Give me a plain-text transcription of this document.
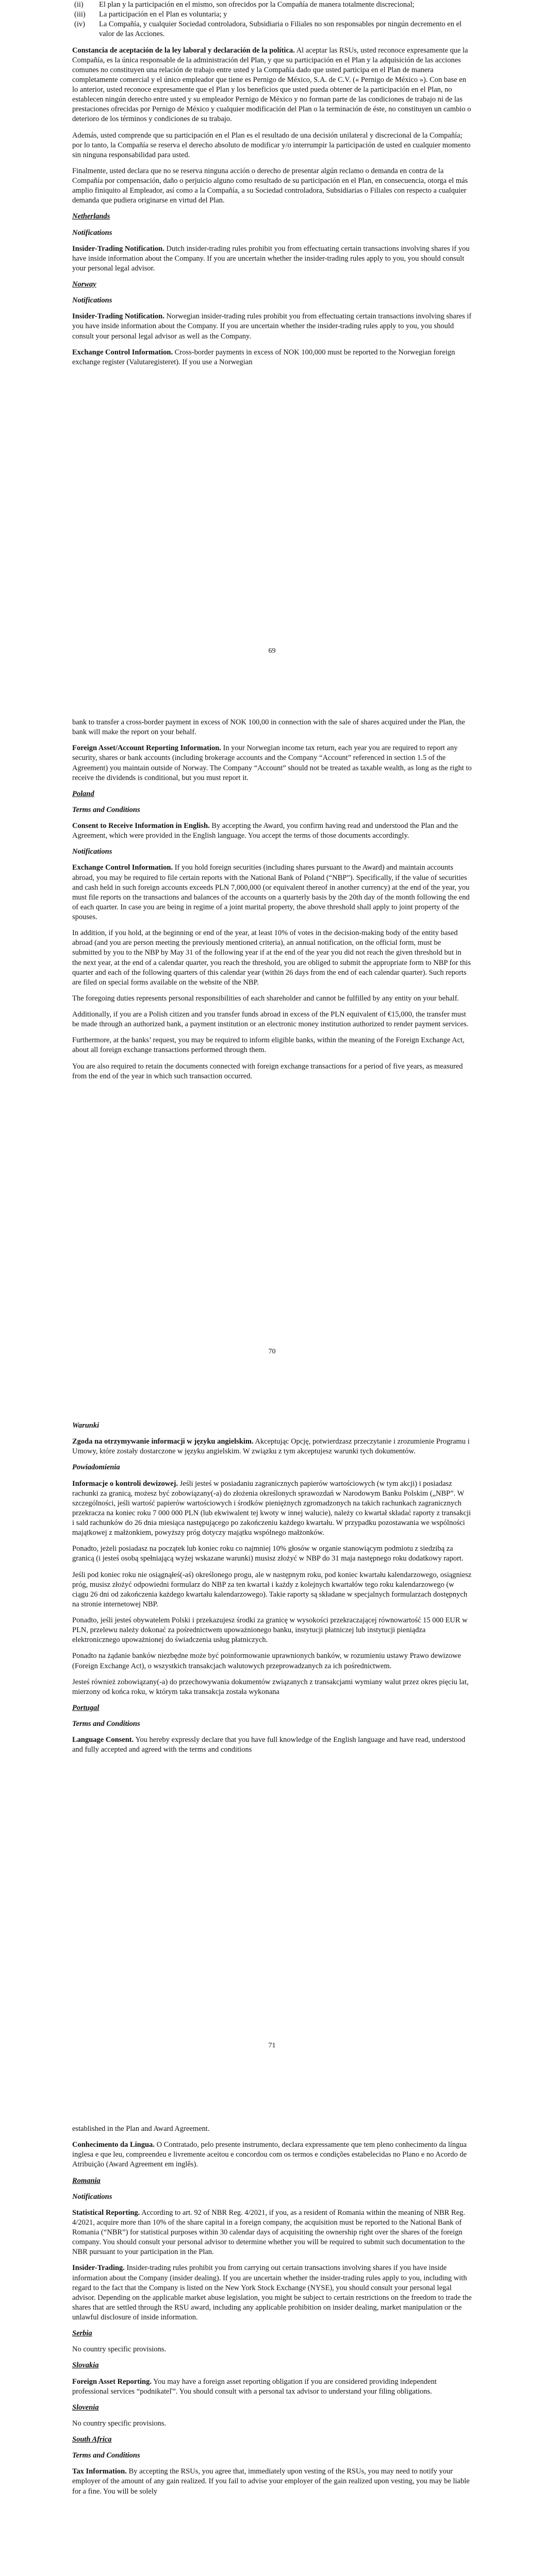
(ii)	El plan y la participación en el mismo, son ofrecidos por la Compañía de manera totalmente discrecional;
(iii)	La participación en el Plan es voluntaria; y
(iv)	La Compañía, y cualquier Sociedad controladora, Subsidiaria o Filiales no son responsables por ningún decremento en el valor de las Acciones.

Constancia de aceptación de la ley laboral y declaración de la política. Al aceptar las RSUs, usted reconoce expresamente que la Compañía, es la única responsable de la administración del Plan, y que su participación en el Plan y la adquisición de las acciones comunes no constituyen una relación de trabajo entre usted y la Compañía dado que usted participa en el Plan de manera completamente comercial y el único empleador que tiene es Pernigo de México, S.A. de C.V. (« Pernigo de México »). Con base en lo anterior, usted reconoce expresamente que el Plan y los beneficios que usted pueda obtener de la participación en el Plan, no establecen ningún derecho entre usted y su empleador Pernigo de México y no forman parte de las condiciones de trabajo ni de las prestaciones ofrecidas por Pernigo de México y cualquier modificación del Plan o la terminación de éste, no constituyen un cambio o deterioro de los términos y condiciones de su trabajo.

Además, usted comprende que su participación en el Plan es el resultado de una decisión unilateral y discrecional de la Compañía; por lo tanto, la Compañía se reserva el derecho absoluto de modificar y/o interrumpir la participación de usted en cualquier momento sin ninguna responsabilidad para usted.

Finalmente, usted declara que no se reserva ninguna acción o derecho de presentar algún reclamo o demanda en contra de la Compañía por compensación, daño o perjuicio alguno como resultado de su participación en el Plan, en consecuencia, otorga el más amplio finiquito al Empleador, así como a la Compañía, a su Sociedad controladora, Subsidiarias o Filiales con respecto a cualquier demanda que pudiera originarse en virtud del Plan.

Netherlands
Notifications

Insider-Trading Notification. Dutch insider-trading rules prohibit you from effectuating certain transactions involving shares if you have inside information about the Company. If you are uncertain whether the insider-trading rules apply to you, you should consult your personal legal advisor.

Norway
Notifications

Insider-Trading Notification. Norwegian insider-trading rules prohibit you from effectuating certain transactions involving shares if you have inside information about the Company. If you are uncertain whether the insider-trading rules apply to you, you should consult your personal legal advisor as well as the Company.

Exchange Control Information. Cross-border payments in excess of NOK 100,000 must be reported to the Norwegian foreign exchange register (Valutaregisteret). If you use a Norwegian

69

bank to transfer a cross-border payment in excess of NOK 100,00 in connection with the sale of shares acquired under the Plan, the bank will make the report on your behalf.

Foreign Asset/Account Reporting Information. In your Norwegian income tax return, each year you are required to report any security, shares or bank accounts (including brokerage accounts and the Company “Account” referenced in section 1.5 of the Agreement) you maintain outside of Norway. The Company “Account” should not be treated as taxable wealth, as long as the right to receive the dividends is conditional, but you must report it.

Poland
Terms and Conditions

Consent to Receive Information in English. By accepting the Award, you confirm having read and understood the Plan and the Agreement, which were provided in the English language. You accept the terms of those documents accordingly.

Notifications

Exchange Control Information. If you hold foreign securities (including shares pursuant to the Award) and maintain accounts abroad, you may be required to file certain reports with the National Bank of Poland (“NBP”). Specifically, if the value of securities and cash held in such foreign accounts exceeds PLN 7,000,000 (or equivalent thereof in another currency) at the end of the year, you must file reports on the transactions and balances of the accounts on a quarterly basis by the 20th day of the month following the end of each quarter. In case you are being in regime of a joint marital property, the above threshold shall apply to joint property of the spouses.

In addition, if you hold, at the beginning or end of the year, at least 10% of votes in the decision-making body of the entity based abroad (and you are person meeting the previously mentioned criteria), an annual notification, on the official form, must be submitted by you to the NBP by May 31 of the following year if at the end of the year you did not reach the given threshold but in the next year, at the end of a calendar quarter, you reach the threshold, you are obliged to submit the appropriate form to NBP for this quarter and each of the following quarters of this calendar year (within 26 days from the end of each calendar quarter). Such reports are filed on special forms available on the website of the NBP.

The foregoing duties represents personal responsibilities of each shareholder and cannot be fulfilled by any entity on your behalf.

Additionally, if you are a Polish citizen and you transfer funds abroad in excess of the PLN equivalent of €15,000, the transfer must be made through an authorized bank, a payment institution or an electronic money institution authorized to render payment services.

Furthermore, at the banks’ request, you may be required to inform eligible banks, within the meaning of the Foreign Exchange Act, about all foreign exchange transactions performed through them.

You are also required to retain the documents connected with foreign exchange transactions for a period of five years, as measured from the end of the year in which such transaction occurred.

70
Warunki

Zgoda na otrzymywanie informacji w języku angielskim. Akceptując Opcję, potwierdzasz przeczytanie i zrozumienie Programu i Umowy, które zostały dostarczone w języku angielskim. W związku z tym akceptujesz warunki tych dokumentów.

Powiadomienia

Informacje o kontroli dewizowej. Jeśli jesteś w posiadaniu zagranicznych papierów wartościowych (w tym akcji) i posiadasz rachunki za granicą, możesz być zobowiązany(-a) do złożenia określonych sprawozdań w Narodowym Banku Polskim („NBP”. W szczególności, jeśli wartość papierów wartościowych i środków pieniężnych zgromadzonych na takich rachunkach zagranicznych przekracza na koniec roku 7 000 000 PLN (lub ekwiwalent tej kwoty w innej walucie), należy co kwartał składać raporty z transakcji i sald rachunków do 26 dnia miesiąca następującego po zakończeniu każdego kwartału. W przypadku pozostawania we wspólności majątkowej z małżonkiem, powyższy próg dotyczy majątku wspólnego małżonków.

Ponadto, jeżeli posiadasz na początek lub koniec roku co najmniej 10% głosów w organie stanowiącym podmiotu z siedzibą za granicą (i jesteś osobą spełniającą wyżej wskazane warunki) musisz złożyć w NBP do 31 maja następnego roku dodatkowy raport.

Jeśli pod koniec roku nie osiągnąłeś(-aś) określonego progu, ale w następnym roku, pod koniec kwartału kalendarzowego, osiągniesz próg, musisz złożyć odpowiedni formularz do NBP za ten kwartał i każdy z kolejnych kwartałów tego roku kalendarzowego (w ciągu 26 dni od zakończenia każdego kwartału kalendarzowego). Takie raporty są składane w specjalnych formularzach dostępnych na stronie internetowej NBP.

Ponadto, jeśli jesteś obywatelem Polski i przekazujesz środki za granicę w wysokości przekraczającej równowartość 15 000 EUR w PLN, przelewu należy dokonać za pośrednictwem upoważnionego banku, instytucji płatniczej lub instytucji pieniądza elektronicznego upoważnionej do świadczenia usług płatniczych.

Ponadto na żądanie banków niezbędne może być poinformowanie uprawnionych banków, w rozumieniu ustawy Prawo dewizowe (Foreign Exchange Act), o wszystkich transakcjach walutowych przeprowadzanych za ich pośrednictwem.

Jesteś również zobowiązany(-a) do przechowywania dokumentów związanych z transakcjami wymiany walut przez okres pięciu lat, mierzony od końca roku, w którym taka transakcja została wykonana

Portugal
Terms and Conditions

Language Consent. You hereby expressly declare that you have full knowledge of the English language and have read, understood and fully accepted and agreed with the terms and conditions

71

established in the Plan and Award Agreement.

Conhecimento da Lingua. O Contratado, pelo presente instrumento, declara expressamente que tem pleno conhecimento da língua inglesa e que leu, compreendeu e livremente aceitou e concordou com os termos e condições estabelecidas no Plano e no Acordo de Atribuição (Award Agreement em inglês).

Romania
Notifications

Statistical Reporting. According to art. 92 of NBR Reg. 4/2021, if you, as a resident of Romania within the meaning of NBR Reg. 4/2021, acquire more than 10% of the share capital in a foreign company, the acquisition must be reported to the National Bank of Romania (“NBR”) for statistical purposes within 30 calendar days of acquisiting the ownership right over the shares of the foreign company. You should consult your personal advisor to determine whether you will be required to submit such documentation to the NBR pursuant to your participation in the Plan.

Insider-Trading. Insider-trading rules prohibit you from carrying out certain transactions involving shares if you have inside information about the Company (insider dealing). If you are uncertain whether the insider-trading rules apply to you, including with regard to the fact that the Company is listed on the New York Stock Exchange (NYSE), you should consult your personal legal advisor. Depending on the applicable market abuse legislation, you might be subject to certain restrictions on the freedom to trade the shares that are settled through the RSU award, including any applicable prohibition on insider dealing, market manipulation or the unlawful disclosure of inside information.

Serbia

No country specific provisions.

Slovakia

Foreign Asset Reporting. You may have a foreign asset reporting obligation if you are considered providing independent professional services “podnikateľ”. You should consult with a personal tax advisor to understand your filing obligations.

Slovenia

No country specific provisions.

South Africa
Terms and Conditions

Tax Information. By accepting the RSUs, you agree that, immediately upon vesting of the RSUs, you may need to notify your employer of the amount of any gain realized. If you fail to advise your employer of the gain realized upon vesting, you may be liable for a fine. You will be solely
